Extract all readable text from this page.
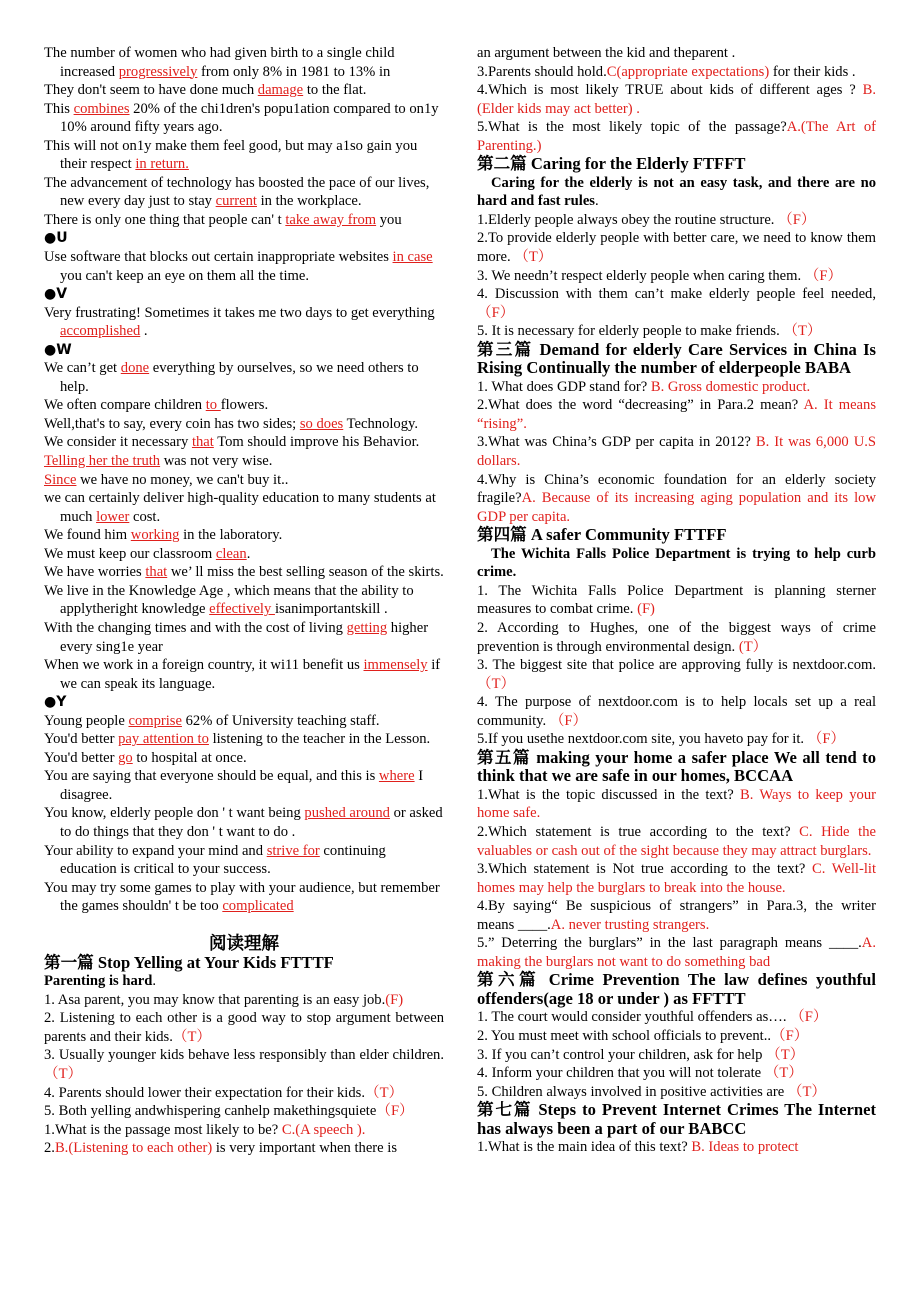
The number of women who had given birth to a single child increased progressively from only 8% in 1981 to 13% in
They don't seem to have done much damage to the flat.
This combines 20% of the chi1dren's popu1ation compared to on1y 10% around fifty years ago.
This will not on1y make them feel good, but may a1so gain you their respect in return.
The advancement of technology has boosted the pace of our lives, new every day just to stay current in the workplace.
There is only one thing that people can' t take away from you
●U
Use software that blocks out certain inappropriate websites in case you can't keep an eye on them all the time.
●V
Very frustrating! Sometimes it takes me two days to get everything accomplished .
●W
We can’t get done everything by ourselves, so we need others to help.
We often compare children to flowers.
Well,that's to say, every coin has two sides; so does Technology.
We consider it necessary that Tom should improve his Behavior.
Telling her the truth was not very wise.
Since we have no money, we can't buy it..
we can certainly deliver high-quality education to many students at much lower cost.
We found him working in the laboratory.
We must keep our classroom clean.
We have worries that we’ ll miss the best selling season of the skirts.
We live in the Knowledge Age , which means that the ability to applytheright knowledge effectively isanimportantskill .
With the changing times and with the cost of living getting higher every sing1e year
When we work in a foreign country, it wi11 benefit us immensely if we can speak its language.
●Y
Young people comprise 62% of University teaching staff.
You'd better pay attention to listening to the teacher in the Lesson.
You'd better go to hospital at once.
You are saying that everyone should be equal, and this is where I disagree.
You know, elderly people don ' t want being pushed around or asked to do things that they don ' t want to do .
Your ability to expand your mind and strive for continuing education is critical to your success.
You may try some games to play with your audience, but remember the games shouldn' t be too complicated
阅读理解
第一篇 Stop Yelling at Your Kids FTTTF
Parenting is hard.
1. Asa parent, you may know that parenting is an easy job.(F)
2. Listening to each other is a good way to stop argument between parents and their kids.（T）
3. Usually younger kids behave less responsibly than elder children. （T）
4. Parents should lower their expectation for their kids.（T）
5. Both yelling andwhispering canhelp makethingsquiete（F）
1.What is the passage most likely to be? C.(A speech ).
2.B.(Listening to each other) is very important when there is
an argument between the kid and theparent .
3.Parents should hold.C(appropriate expectations) for their kids .
4.Which is most likely TRUE about kids of different ages ? B.(Elder kids may act better) .
5.What is the most likely topic of the passage?A.(The Art of Parenting.)
第二篇 Caring for the Elderly FTFFT
Caring for the elderly is not an easy task, and there are no hard and fast rules.
1.Elderly people always obey the routine structure. （F）
2.To provide elderly people with better care, we need to know them more. （T）
3. We needn’t respect elderly people when caring them. （F）
4. Discussion with them can’t make elderly people feel needed, （F）
5. It is necessary for elderly people to make friends. （T）
第三篇 Demand for elderly Care Services in China Is Rising Continually the number of elderpeople BABA
1. What does GDP stand for? B. Gross domestic product.
2.What does the word “decreasing” in Para.2 mean? A. It means “rising”.
3.What was China’s GDP per capita in 2012? B. It was 6,000 U.S dollars.
4.Why is China’s economic foundation for an elderly society fragile?A. Because of its increasing aging population and its low GDP per capita.
第四篇 A safer Community FTTFF
The Wichita Falls Police Department is trying to help curb crime.
1. The Wichita Falls Police Department is planning sterner measures to combat crime. (F)
2. According to Hughes, one of the biggest ways of crime prevention is through environmental design. (T）
3. The biggest site that police are approving fully is nextdoor.com. （T）
4. The purpose of nextdoor.com is to help locals set up a real community. （F）
5.If you usethe nextdoor.com site, you haveto pay for it. （F）
第五篇 making your home a safer place We all tend to think that we are safe in our homes, BCCAA
1.What is the topic discussed in the text? B. Ways to keep your home safe.
2.Which statement is true according to the text? C. Hide the valuables or cash out of the sight because they may attract burglars.
3.Which statement is Not true according to the text? C. Well-lit homes may help the burglars to break into the house.
4.By saying“ Be suspicious of strangers” in Para.3, the writer means ____.A. never trusting strangers.
5.” Deterring the burglars” in the last paragraph means ____.A. making the burglars not want to do something bad
第六篇 Crime Prevention The law defines youthful offenders(age 18 or under ) as FFTTT
1. The court would consider youthful offenders as…. （F）
2. You must meet with school officials to prevent..（F）
3. If you can’t control your children, ask for help （T）
4. Inform your children that you will not tolerate （T）
5. Children always involved in positive activities are （T）
第七篇 Steps to Prevent Internet Crimes The Internet has always been a part of our BABCC
1.What is the main idea of this text? B. Ideas to protect
